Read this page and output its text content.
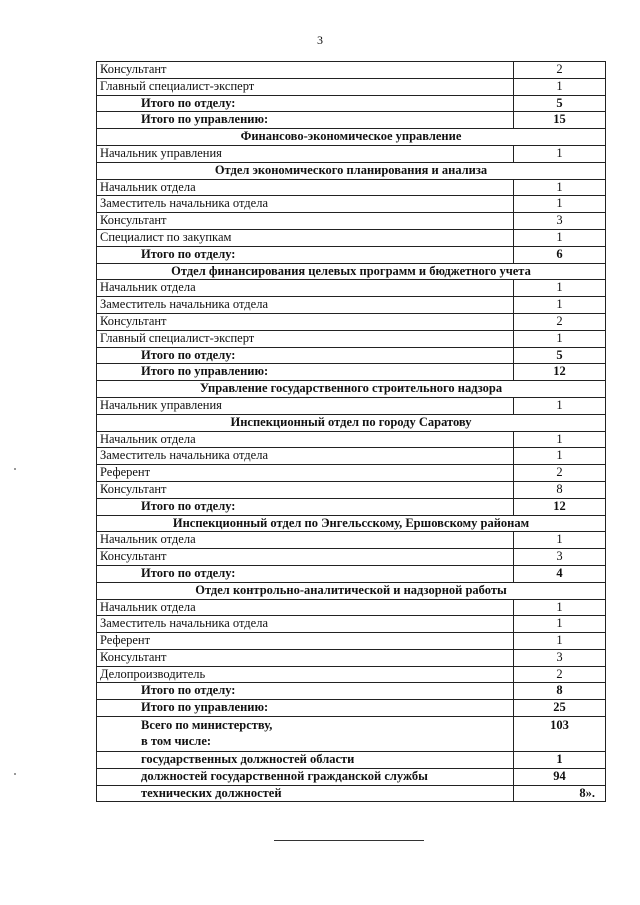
3
Консультант	2
Главный специалист-эксперт	1
Итого по отделу:	5
Итого по управлению:	15
Финансово-экономическое управление	
Начальник управления	1
Отдел экономического планирования и анализа	
Начальник отдела	1
Заместитель начальника отдела	1
Консультант	3
Специалист по закупкам	1
Итого по отделу:	6
Отдел финансирования целевых программ и бюджетного учета	
Начальник отдела	1
Заместитель начальника отдела	1
Консультант	2
Главный специалист-эксперт	1
Итого по отделу:	5
Итого по управлению:	12
Управление государственного строительного надзора	
Начальник управления	1
Инспекционный отдел по городу Саратову	
Начальник отдела	1
Заместитель начальника отдела	1
Референт	2
Консультант	8
Итого по отделу:	12
Инспекционный отдел по Энгельсскому, Ершовскому районам	
Начальник отдела	1
Консультант	3
Итого по отделу:	4
Отдел контрольно-аналитической и надзорной работы	
Начальник отдела	1
Заместитель начальника отдела	1
Референт	1
Консультант	3
Делопроизводитель	2
Итого по отделу:	8
Итого по управлению:	25
Всего по министерству,
в том числе:	103
государственных должностей области	1
должностей государственной гражданской службы	94
технических должностей	8».
